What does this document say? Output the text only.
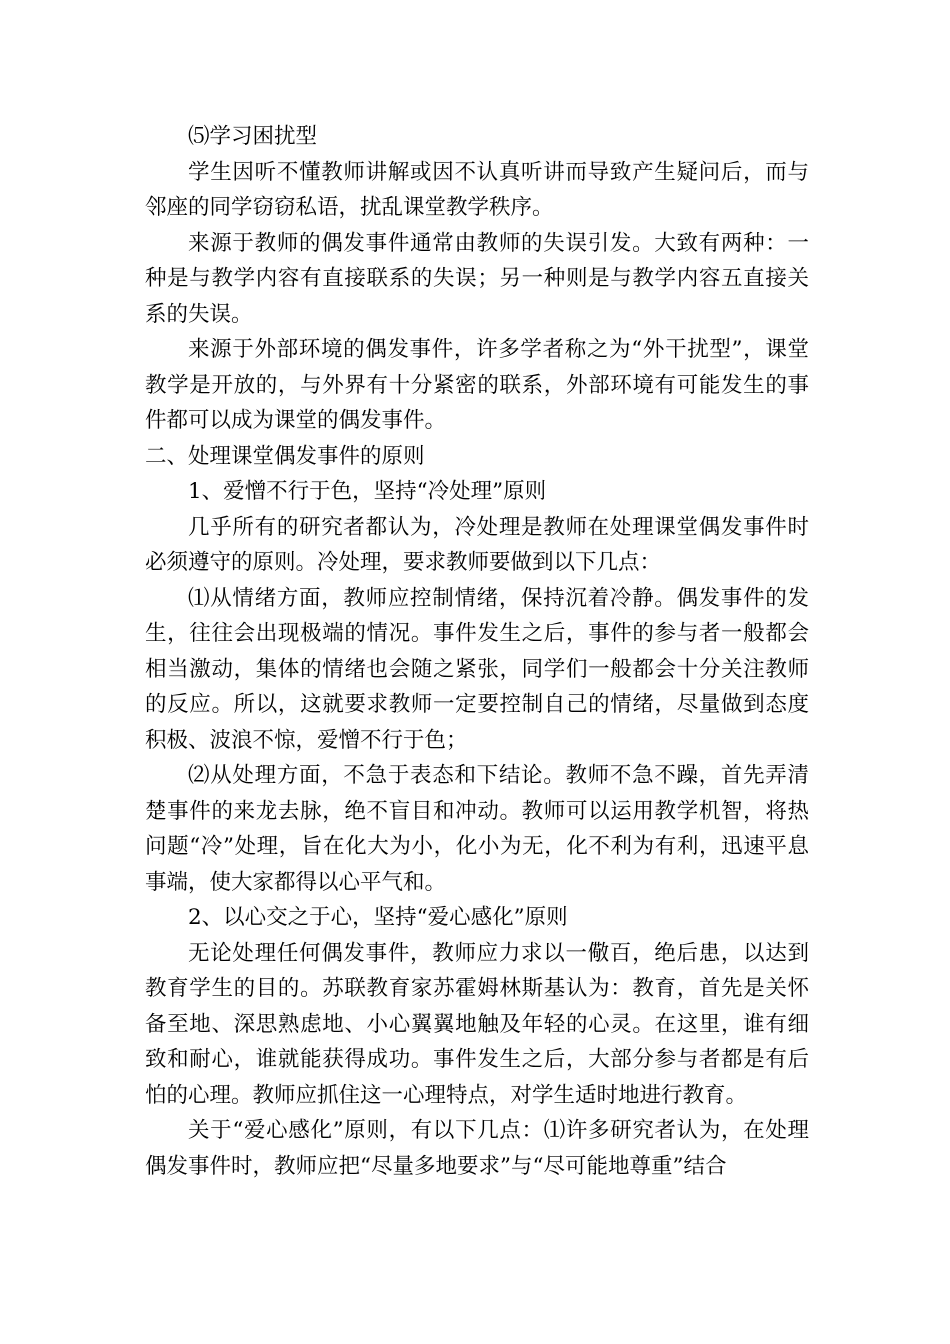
⑸学习困扰型

学生因听不懂教师讲解或因不认真听讲而导致产生疑问后，而与邻座的同学窃窃私语，扰乱课堂教学秩序。

来源于教师的偶发事件通常由教师的失误引发。大致有两种：一种是与教学内容有直接联系的失误；另一种则是与教学内容五直接关系的失误。

来源于外部环境的偶发事件，许多学者称之为“外干扰型”，课堂教学是开放的，与外界有十分紧密的联系，外部环境有可能发生的事件都可以成为课堂的偶发事件。

二、处理课堂偶发事件的原则

1、爱憎不行于色，坚持“冷处理”原则

几乎所有的研究者都认为，冷处理是教师在处理课堂偶发事件时必须遵守的原则。冷处理，要求教师要做到以下几点：

⑴从情绪方面，教师应控制情绪，保持沉着冷静。偶发事件的发生，往往会出现极端的情况。事件发生之后，事件的参与者一般都会相当激动，集体的情绪也会随之紧张，同学们一般都会十分关注教师的反应。所以，这就要求教师一定要控制自己的情绪，尽量做到态度积极、波浪不惊，爱憎不行于色；

⑵从处理方面，不急于表态和下结论。教师不急不躁，首先弄清楚事件的来龙去脉，绝不盲目和冲动。教师可以运用教学机智，将热问题“冷”处理，旨在化大为小，化小为无，化不利为有利，迅速平息事端，使大家都得以心平气和。

2、以心交之于心，坚持“爱心感化”原则

无论处理任何偶发事件，教师应力求以一儆百，绝后患，以达到教育学生的目的。苏联教育家苏霍姆林斯基认为：教育，首先是关怀备至地、深思熟虑地、小心翼翼地触及年轻的心灵。在这里，谁有细致和耐心，谁就能获得成功。事件发生之后，大部分参与者都是有后怕的心理。教师应抓住这一心理特点，对学生适时地进行教育。

关于“爱心感化”原则，有以下几点：⑴许多研究者认为，在处理偶发事件时，教师应把“尽量多地要求”与“尽可能地尊重”结合
